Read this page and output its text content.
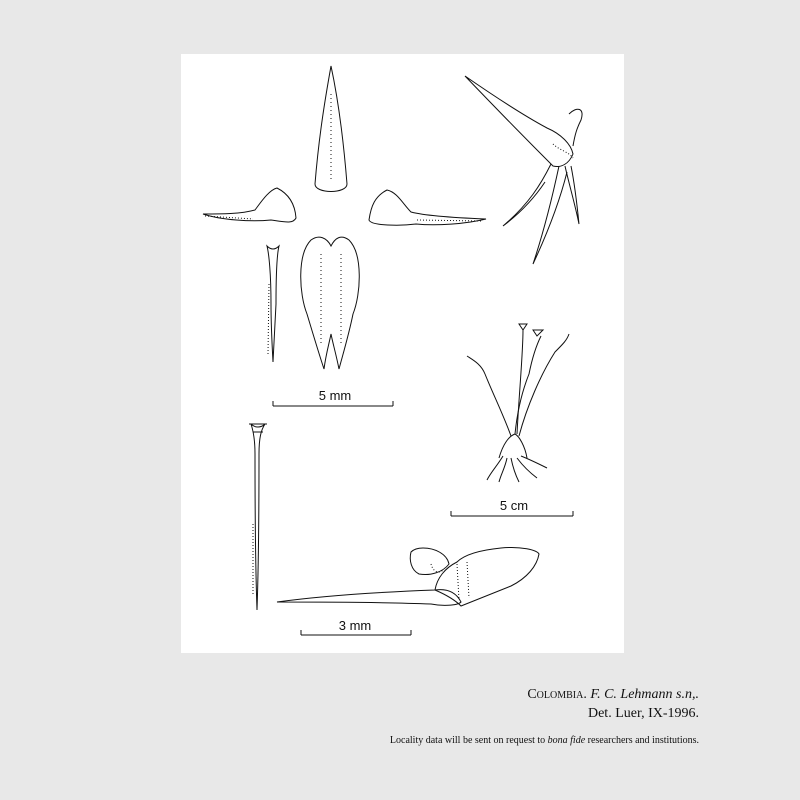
5 mm
5 cm
3 mm
Colombia. F. C. Lehmann s.n,.
Det. Luer, IX-1996.
Locality data will be sent on request to bona fide researchers and institutions.
